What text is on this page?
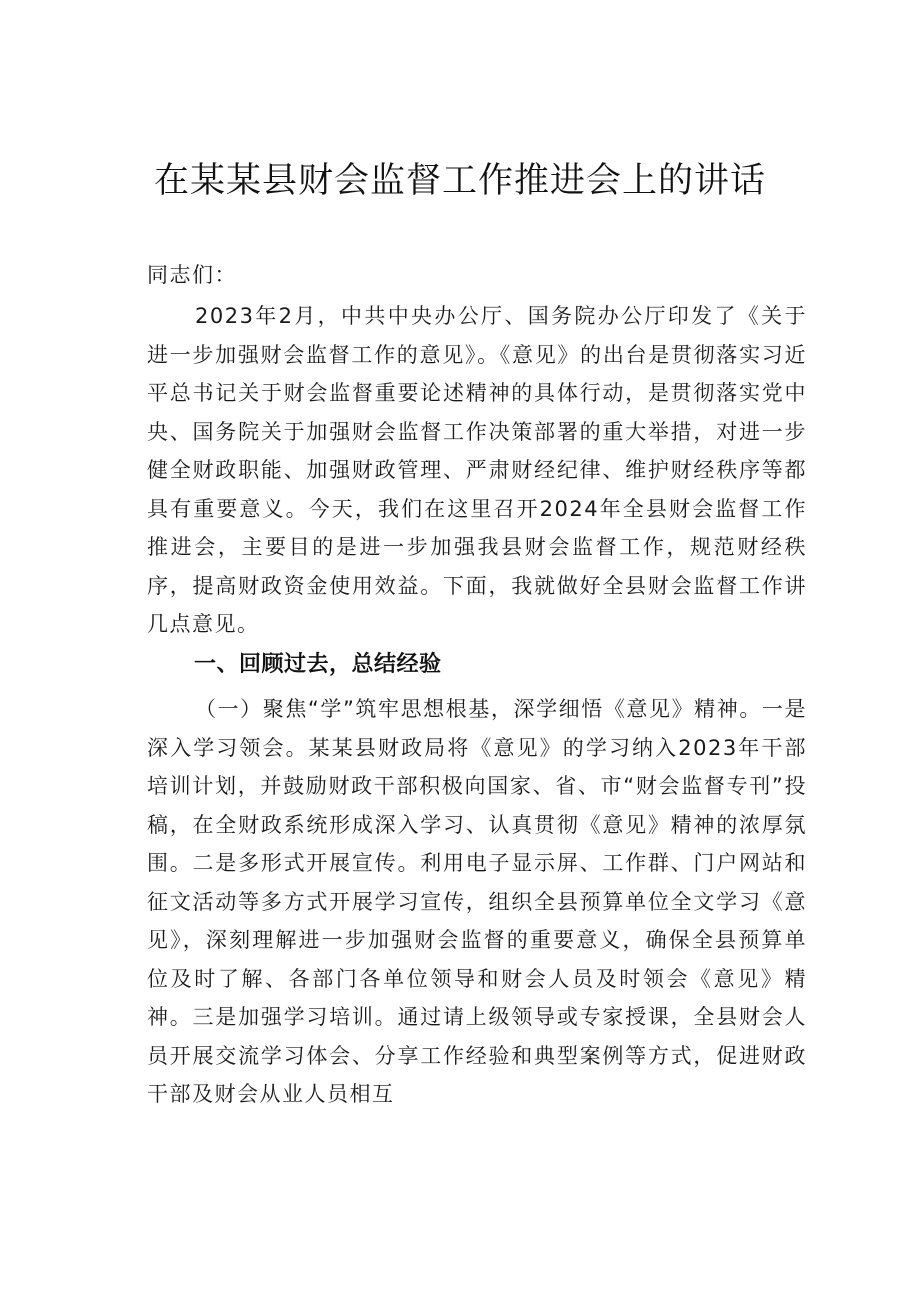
在某某县财会监督工作推进会上的讲话

同志们：

2023年2月，中共中央办公厅、国务院办公厅印发了《关于进一步加强财会监督工作的意见》。《意见》的出台是贯彻落实习近平总书记关于财会监督重要论述精神的具体行动，是贯彻落实党中央、国务院关于加强财会监督工作决策部署的重大举措，对进一步健全财政职能、加强财政管理、严肃财经纪律、维护财经秩序等都具有重要意义。今天，我们在这里召开2024年全县财会监督工作推进会，主要目的是进一步加强我县财会监督工作，规范财经秩序，提高财政资金使用效益。下面，我就做好全县财会监督工作讲几点意见。

一、回顾过去，总结经验

（一）聚焦“学”筑牢思想根基，深学细悟《意见》精神。一是深入学习领会。某某县财政局将《意见》的学习纳入2023年干部培训计划，并鼓励财政干部积极向国家、省、市“财会监督专刊”投稿，在全财政系统形成深入学习、认真贯彻《意见》精神的浓厚氛围。二是多形式开展宣传。利用电子显示屏、工作群、门户网站和征文活动等多方式开展学习宣传，组织全县预算单位全文学习《意见》，深刻理解进一步加强财会监督的重要意义，确保全县预算单位及时了解、各部门各单位领导和财会人员及时领会《意见》精神。三是加强学习培训。通过请上级领导或专家授课，全县财会人员开展交流学习体会、分享工作经验和典型案例等方式，促进财政干部及财会从业人员相互
